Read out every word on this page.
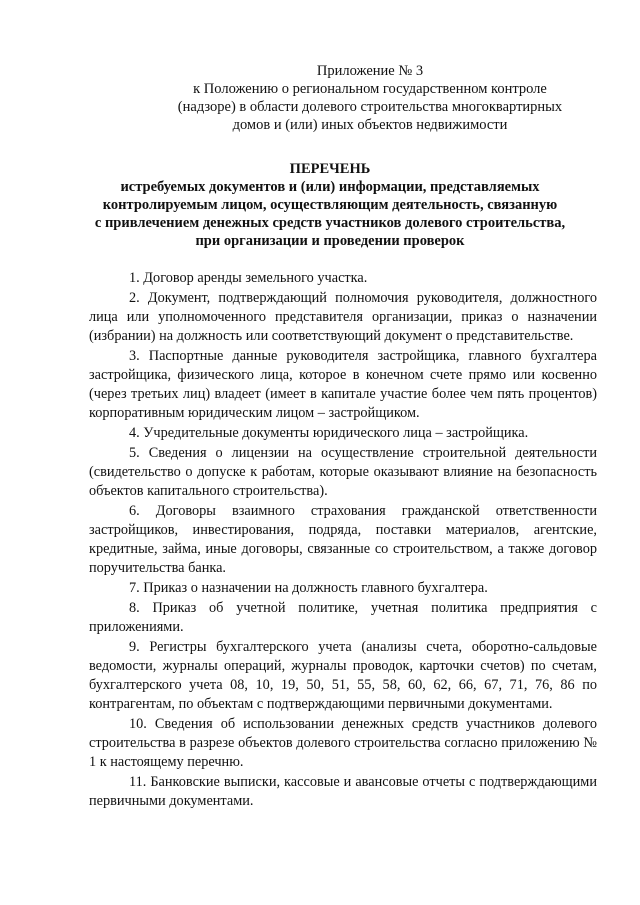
Приложение № 3
к Положению о региональном государственном контроле
(надзоре) в области долевого строительства многоквартирных
домов и (или) иных объектов недвижимости
ПЕРЕЧЕНЬ
истребуемых документов и (или) информации, представляемых
контролируемым лицом, осуществляющим деятельность, связанную
с привлечением денежных средств участников долевого строительства,
при организации и проведении проверок

1. Договор аренды земельного участка.

2. Документ, подтверждающий полномочия руководителя, должностного лица или уполномоченного представителя организации, приказ о назначении (избрании) на должность или соответствующий документ о представительстве.

3. Паспортные данные руководителя застройщика, главного бухгалтера застройщика, физического лица, которое в конечном счете прямо или косвенно (через третьих лиц) владеет (имеет в капитале участие более чем пять процентов) корпоративным юридическим лицом – застройщиком.

4. Учредительные документы юридического лица – застройщика.

5. Сведения о лицензии на осуществление строительной деятельности (свидетельство о допуске к работам, которые оказывают влияние на безопасность объектов капитального строительства).

6. Договоры взаимного страхования гражданской ответственности застройщиков, инвестирования, подряда, поставки материалов, агентские, кредитные, займа, иные договоры, связанные со строительством, а также договор поручительства банка.

7. Приказ о назначении на должность главного бухгалтера.

8. Приказ об учетной политике, учетная политика предприятия с приложениями.

9. Регистры бухгалтерского учета (анализы счета, оборотно-сальдовые ведомости, журналы операций, журналы проводок, карточки счетов) по счетам, бухгалтерского учета 08, 10, 19, 50, 51, 55, 58, 60, 62, 66, 67, 71, 76, 86 по контрагентам, по объектам с подтверждающими первичными документами.

10. Сведения об использовании денежных средств участников долевого строительства в разрезе объектов долевого строительства согласно приложению № 1 к настоящему перечню.

11. Банковские выписки, кассовые и авансовые отчеты с подтверждающими первичными документами.
